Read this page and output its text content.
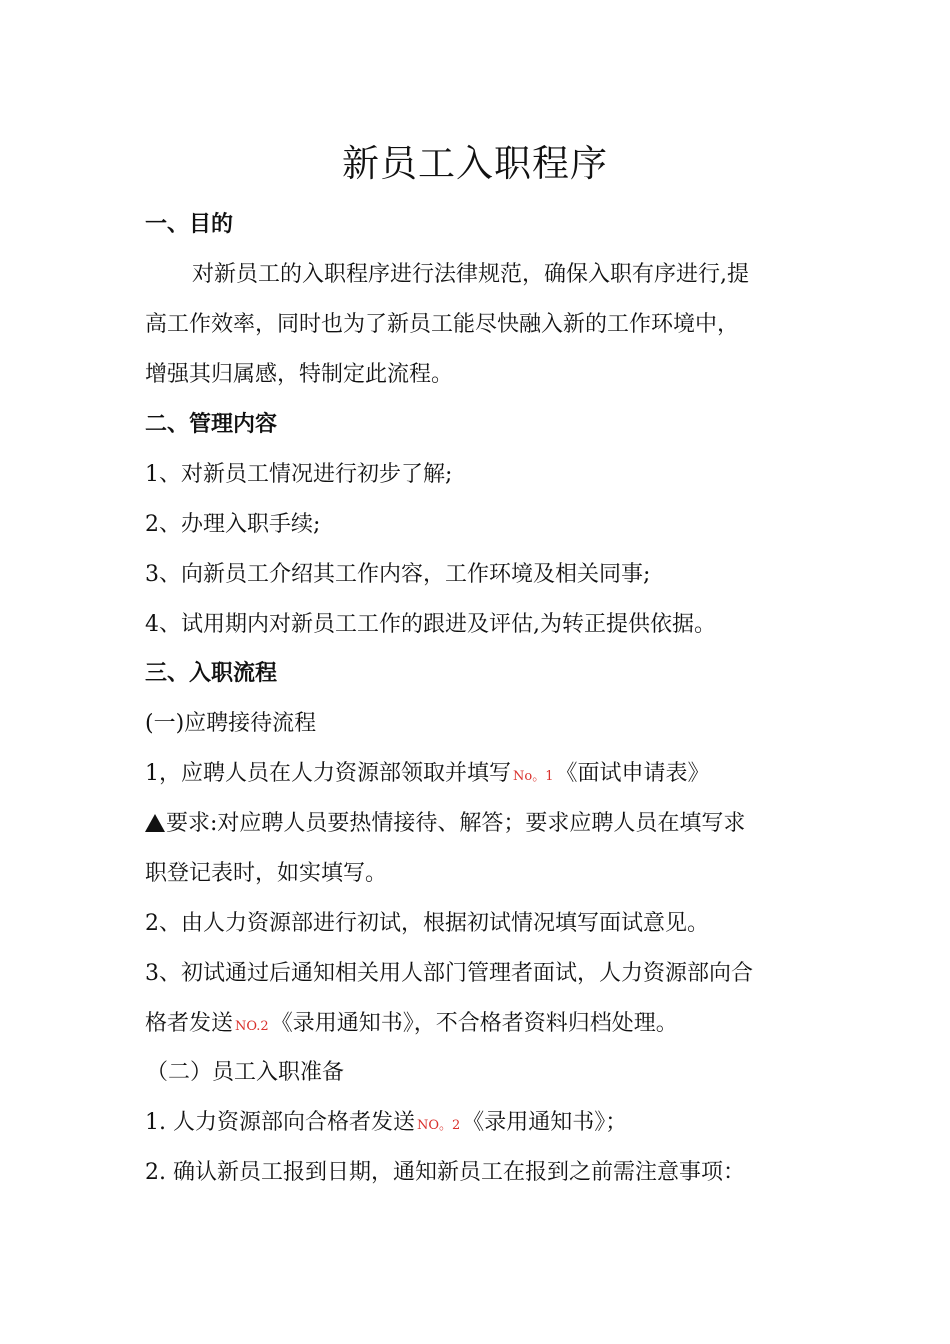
新员工入职程序
一、目的
对新员工的入职程序进行法律规范，确保入职有序进行,提
高工作效率，同时也为了新员工能尽快融入新的工作环境中，
增强其归属感，特制定此流程。
二、管理内容
1、对新员工情况进行初步了解;
2、办理入职手续;
3、向新员工介绍其工作内容，工作环境及相关同事;
4、试用期内对新员工工作的跟进及评估,为转正提供依据。
三、入职流程
(一)应聘接待流程
1，应聘人员在人力资源部领取并填写 No。1《面试申请表》
要求:对应聘人员要热情接待、解答；要求应聘人员在填写求
职登记表时，如实填写。
2、由人力资源部进行初试，根据初试情况填写面试意见。
3、初试通过后通知相关用人部门管理者面试，人力资源部向合
格者发送 NO.2《录用通知书》，不合格者资料归档处理。
（二）员工入职准备
1. 人力资源部向合格者发送 NO。2《录用通知书》；
2. 确认新员工报到日期，通知新员工在报到之前需注意事项：
